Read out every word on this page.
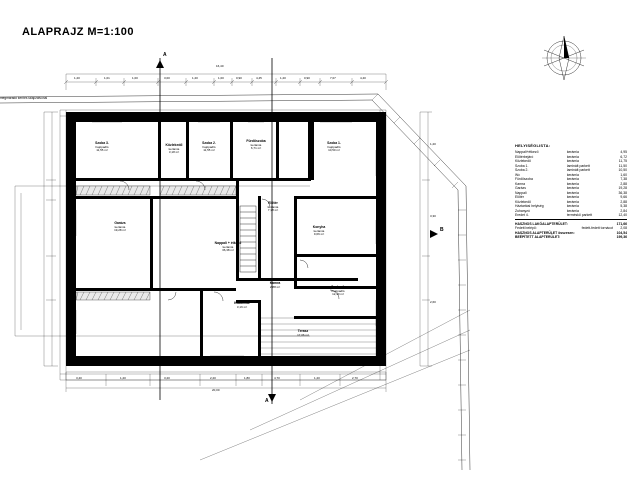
ALAPRAJZ M=1:100
Szoba 3.
hajópadló
11,55 m²
Közlekedő
kerámia
3,18 m²
Szoba 2.
hajópadló
11,55 m²
Fürdőszoba
kerámia
6,71 m²
Szoba 1.
hajópadló
10,50 m²
Előtér
kerámia
7,38 m²
Garázs
kerámia
19,28 m²
Nappali + étkező
kerámia
36,38 m²
Konyha
kerámia
9,66 m²
Kamra
2,88 m²	Szoba 4.
hajópadló
12,40 m²
Terasz
17,06 m²
Kazánház
3,16 m²
megmaradó kerítés talapzatvonal
A
A
B
16,40
1,20	1,01	1,00	3,00	1,20	1,00	0,90	4,45	1,20	0,90	7,07	4,40
3,40	1,20	3,20	2,20	1,80	4,70	1,20	2,70
20,00
1,20
3,30
2,60
HELYISÉGLISTA:
Nappali+étkező	kerámia	4,95
Előtérbejáró	kerámia	6,72
Közlekedő	kerámia	11,75
Szoba 1.	laminált parkett	11,50
Szoba 2.	laminált parkett	10,50
Wc	kerámia	1,60
Fürdőszoba	kerámia	7,38
Kamra	kerámia	2,88
Garázs	kerámia	19,28
Nappali	kerámia	36,38
Előtér	kerámia	9,66
Közlekedő	kerámia	2,88
Háztartási helyiség	kerámia	5,38
Zuhanyzó	kerámia	2,84
Eredet 4.	terméskő parkett	12,40
HASZNOS LAKÓALAPTERÜLET:		171,66
Fedett belépő:	fedett-fedett tornácot	2,08
HASZNOS ALAPTERÜLET összesen:		104,54
BEÉPÍTETT ALAPTERÜLET:		199,36
